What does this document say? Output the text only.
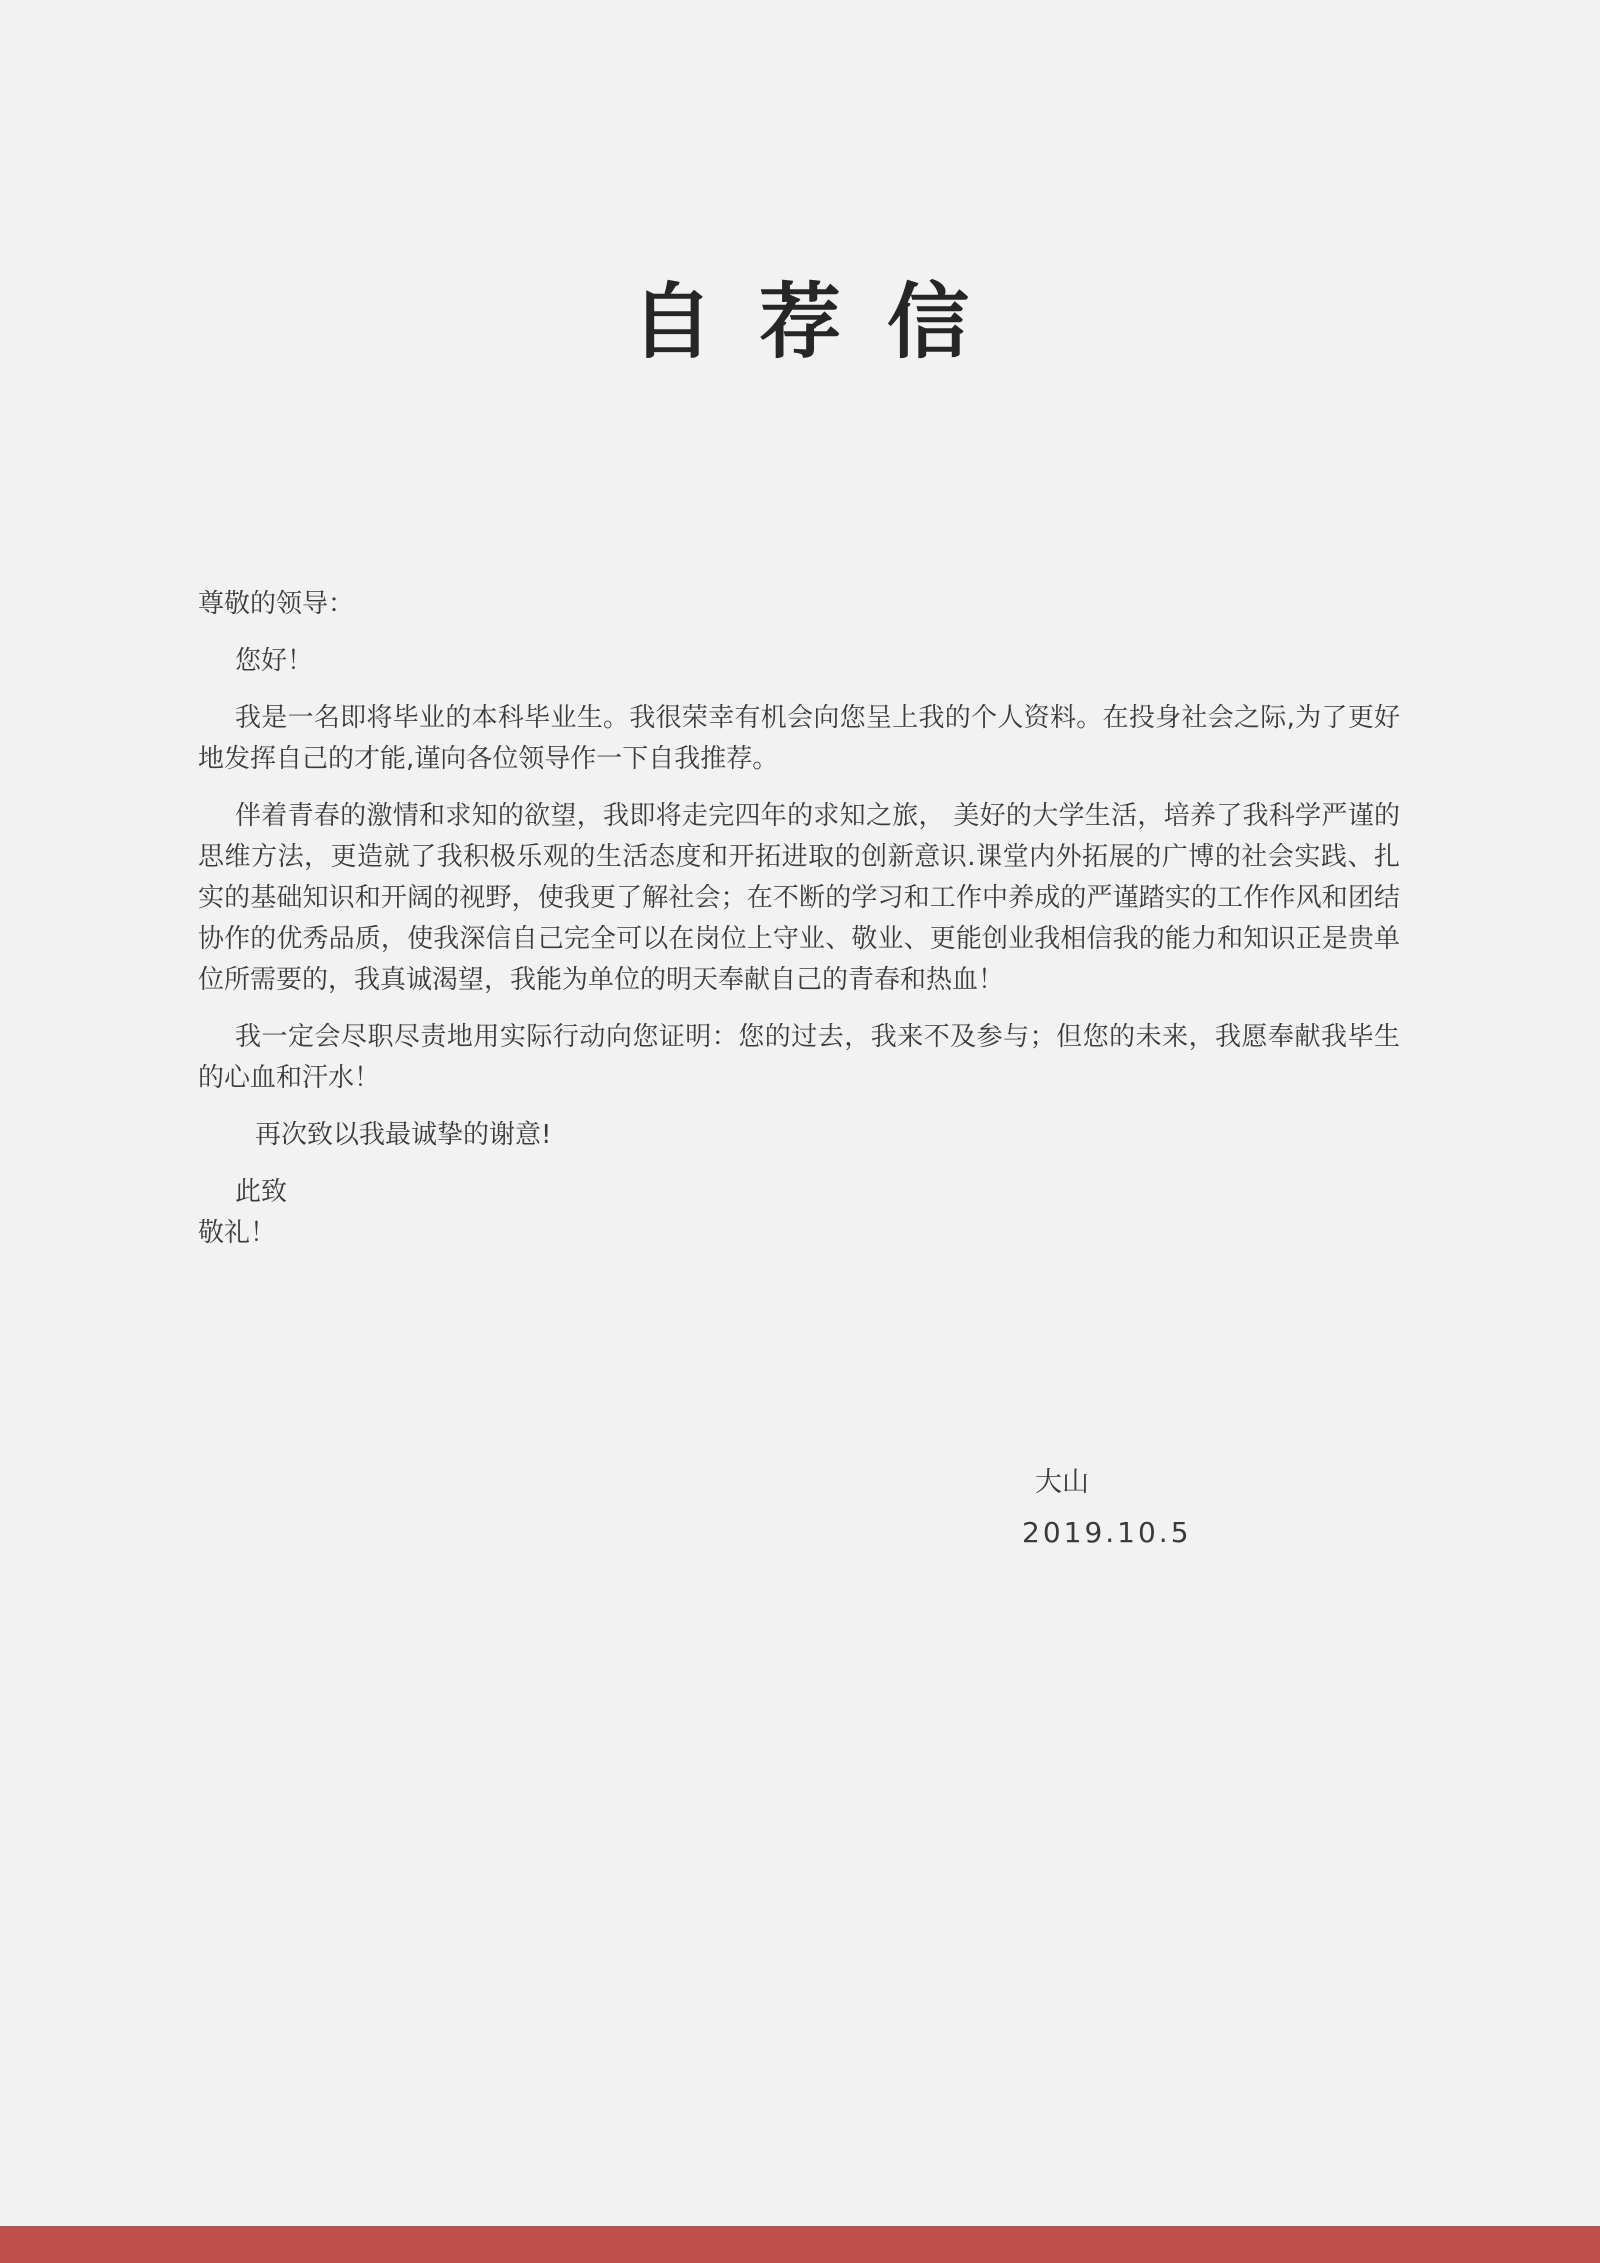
自荐信

尊敬的领导：

您好！

我是一名即将毕业的本科毕业生。我很荣幸有机会向您呈上我的个人资料。在投身社会之际,为了更好地发挥自己的才能,谨向各位领导作一下自我推荐。

伴着青春的激情和求知的欲望，我即将走完四年的求知之旅， 美好的大学生活，培养了我科学严谨的思维方法，更造就了我积极乐观的生活态度和开拓进取的创新意识.课堂内外拓展的广博的社会实践、扎实的基础知识和开阔的视野，使我更了解社会；在不断的学习和工作中养成的严谨踏实的工作作风和团结协作的优秀品质，使我深信自己完全可以在岗位上守业、敬业、更能创业我相信我的能力和知识正是贵单位所需要的，我真诚渴望，我能为单位的明天奉献自己的青春和热血！

我一定会尽职尽责地用实际行动向您证明：您的过去，我来不及参与；但您的未来，我愿奉献我毕生的心血和汗水！

再次致以我最诚挚的谢意!

此致

敬礼！

大山
2019.10.5
